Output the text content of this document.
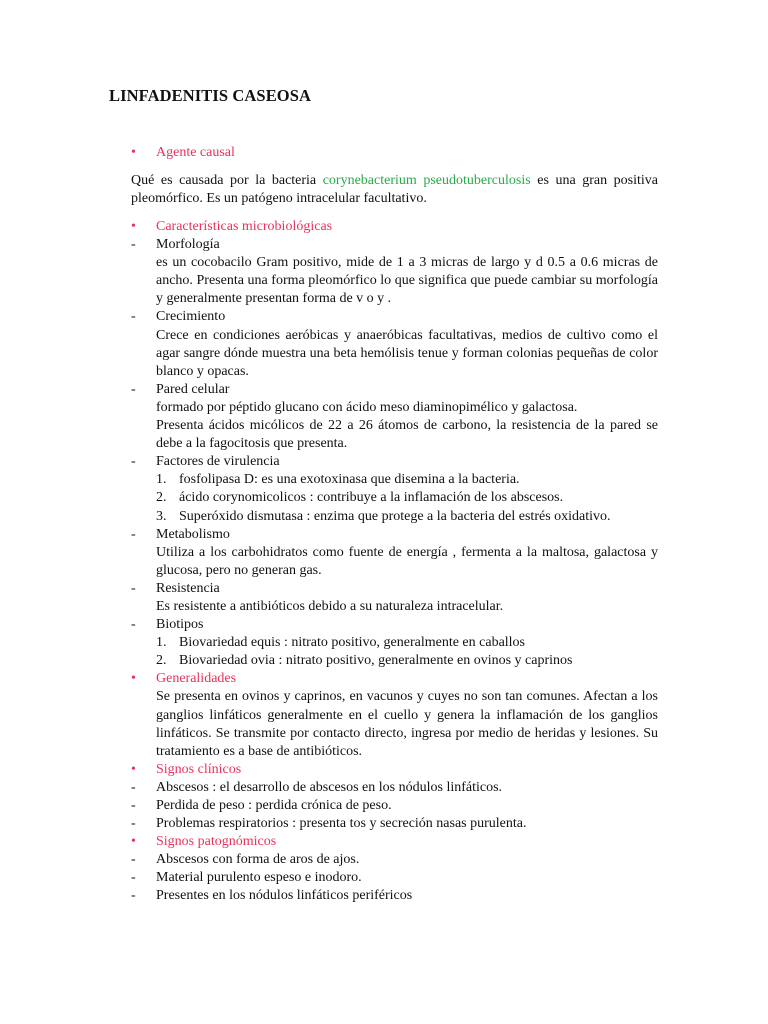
LINFADENITIS CASEOSA
•	Agente causal
Qué es causada por la bacteria corynebacterium pseudotuberculosis es una gran positiva pleomórfico. Es un patógeno intracelular facultativo.
•	Características microbiológicas
-	Morfología
es un cocobacilo Gram positivo, mide de 1 a 3 micras de largo y d 0.5 a 0.6 micras de ancho. Presenta una forma pleomórfico lo que significa que puede cambiar su morfología y generalmente presentan forma de v o y .
-	Crecimiento
Crece en condiciones aeróbicas y anaeróbicas facultativas, medios de cultivo como el agar sangre dónde muestra una beta hemólisis tenue y forman colonias pequeñas de color blanco y opacas.
-	Pared celular
formado por péptido glucano con ácido meso diaminopimélico y galactosa.
Presenta ácidos micólicos de 22 a 26 átomos de carbono, la resistencia de la pared se debe a la fagocitosis que presenta.
-	Factores de virulencia
1. fosfolipasa D: es una exotoxinasa que disemina a la bacteria.
2. ácido corynomicolicos : contribuye a la inflamación de los abscesos.
3. Superóxido dismutasa : enzima que protege a la bacteria del estrés oxidativo.
-	Metabolismo
Utiliza a los carbohidratos como fuente de energía , fermenta a la maltosa, galactosa y glucosa, pero no generan gas.
-	Resistencia
Es resistente a antibióticos debido a su naturaleza intracelular.
-	Biotipos
1. Biovariedad equis : nitrato positivo, generalmente en caballos
2. Biovariedad ovia : nitrato positivo, generalmente en ovinos y caprinos
•	Generalidades
Se presenta en ovinos y caprinos, en vacunos y cuyes no son tan comunes. Afectan a los ganglios linfáticos generalmente en el cuello y genera la inflamación de los ganglios linfáticos. Se transmite por contacto directo, ingresa por medio de heridas y lesiones. Su tratamiento es a base de antibióticos.
•	Signos clínicos
-	Abscesos : el desarrollo de abscesos en los nódulos linfáticos.
-	Perdida de peso : perdida crónica de peso.
-	Problemas respiratorios : presenta tos y secreción nasas purulenta.
•	Signos patognómicos
-	Abscesos con forma de aros de ajos.
-	Material purulento espeso e inodoro.
-	Presentes en los nódulos linfáticos periféricos
